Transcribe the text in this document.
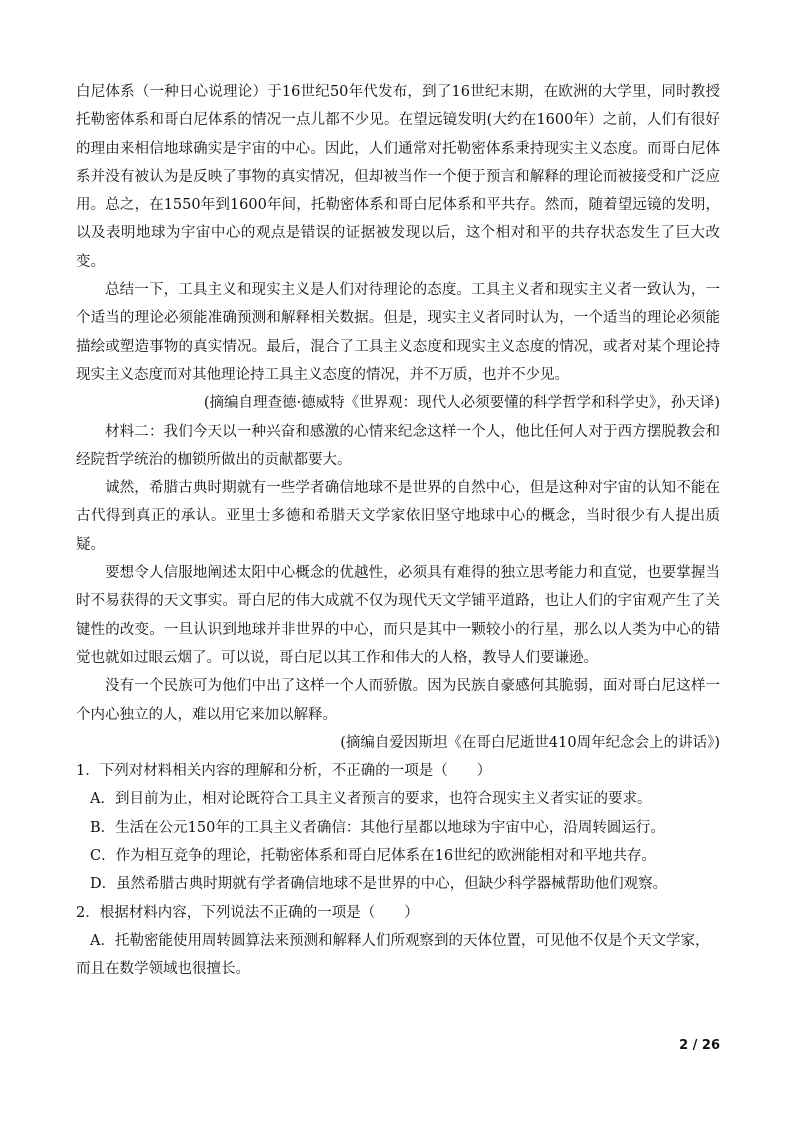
白尼体系（一种日心说理论）于16世纪50年代发布，到了16世纪末期，在欧洲的大学里，同时教授托勒密体系和哥白尼体系的情况一点儿都不少见。在望远镜发明(大约在1600年）之前，人们有很好的理由来相信地球确实是宇宙的中心。因此，人们通常对托勒密体系秉持现实主义态度。而哥白尼体系并没有被认为是反映了事物的真实情况，但却被当作一个便于预言和解释的理论而被接受和广泛应用。总之，在1550年到1600年间，托勒密体系和哥白尼体系和平共存。然而，随着望远镜的发明，以及表明地球为宇宙中心的观点是错误的证据被发现以后，这个相对和平的共存状态发生了巨大改变。

总结一下，工具主义和现实主义是人们对待理论的态度。工具主义者和现实主义者一致认为，一个适当的理论必须能准确预测和解释相关数据。但是，现实主义者同时认为，一个适当的理论必须能描绘或塑造事物的真实情况。最后，混合了工具主义态度和现实主义态度的情况，或者对某个理论持现实主义态度而对其他理论持工具主义态度的情况，并不万质，也并不少见。

(摘编自理查德·德威特《世界观：现代人必须要懂的科学哲学和科学史》，孙天译)

材料二：我们今天以一种兴奋和感激的心情来纪念这样一个人，他比任何人对于西方摆脱教会和经院哲学统治的枷锁所做出的贡献都要大。

诚然，希腊古典时期就有一些学者确信地球不是世界的自然中心，但是这种对宇宙的认知不能在古代得到真正的承认。亚里士多德和希腊天文学家依旧坚守地球中心的概念，当时很少有人提出质疑。

要想令人信服地阐述太阳中心概念的优越性，必须具有难得的独立思考能力和直觉，也要掌握当时不易获得的天文事实。哥白尼的伟大成就不仅为现代天文学铺平道路，也让人们的宇宙观产生了关键性的改变。一旦认识到地球并非世界的中心，而只是其中一颗较小的行星，那么以人类为中心的错觉也就如过眼云烟了。可以说，哥白尼以其工作和伟大的人格，教导人们要谦逊。

没有一个民族可为他们中出了这样一个人而骄傲。因为民族自豪感何其脆弱，面对哥白尼这样一个内心独立的人，难以用它来加以解释。

(摘编自爱因斯坦《在哥白尼逝世410周年纪念会上的讲话》)

1．下列对材料相关内容的理解和分析，不正确的一项是（　　）

A．到目前为止，相对论既符合工具主义者预言的要求，也符合现实主义者实证的要求。

B．生活在公元150年的工具主义者确信：其他行星都以地球为宇宙中心，沿周转圆运行。

C．作为相互竞争的理论，托勒密体系和哥白尼体系在16世纪的欧洲能相对和平地共存。

D．虽然希腊古典时期就有学者确信地球不是世界的中心，但缺少科学器械帮助他们观察。

2．根据材料内容，下列说法不正确的一项是（　　）

A．托勒密能使用周转圆算法来预测和解释人们所观察到的天体位置，可见他不仅是个天文学家，
而且在数学领域也很擅长。

2 / 26
